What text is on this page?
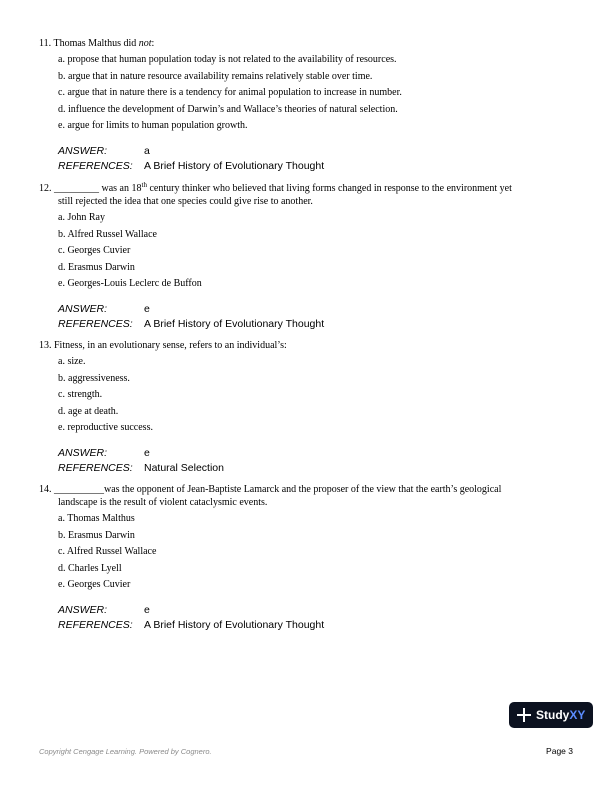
11. Thomas Malthus did not:
a. propose that human population today is not related to the availability of resources.
b. argue that in nature resource availability remains relatively stable over time.
c. argue that in nature there is a tendency for animal population to increase in number.
d. influence the development of Darwin’s and Wallace’s theories of natural selection.
e. argue for limits to human population growth.
ANSWER:	a
REFERENCES: A Brief History of Evolutionary Thought
12. _________ was an 18th century thinker who believed that living forms changed in response to the environment yet
still rejected the idea that one species could give rise to another.
a. John Ray
b. Alfred Russel Wallace
c. Georges Cuvier
d. Erasmus Darwin
e. Georges-Louis Leclerc de Buffon
ANSWER:	e
REFERENCES: A Brief History of Evolutionary Thought
13. Fitness, in an evolutionary sense, refers to an individual’s:
a. size.
b. aggressiveness.
c. strength.
d. age at death.
e. reproductive success.
ANSWER:	e
REFERENCES: Natural Selection
14. __________was the opponent of Jean-Baptiste Lamarck and the proposer of the view that the earth’s geological
landscape is the result of violent cataclysmic events.
a. Thomas Malthus
b. Erasmus Darwin
c. Alfred Russel Wallace
d. Charles Lyell
e. Georges Cuvier
ANSWER:	e
REFERENCES: A Brief History of Evolutionary Thought
StudyXY
Copyright Cengage Learning. Powered by Cognero.	Page 3
